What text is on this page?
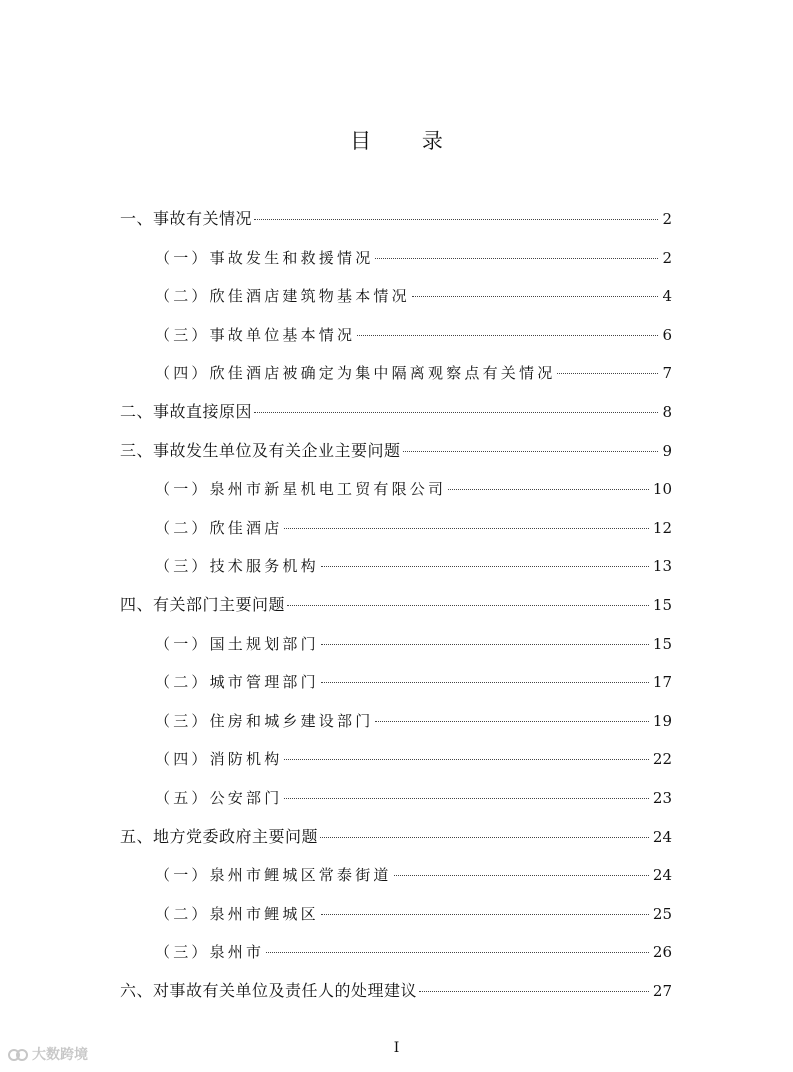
目 录
一、事故有关情况	2
（一）事故发生和救援情况	2
（二）欣佳酒店建筑物基本情况	4
（三）事故单位基本情况	6
（四）欣佳酒店被确定为集中隔离观察点有关情况	7
二、事故直接原因	8
三、事故发生单位及有关企业主要问题	9
（一）泉州市新星机电工贸有限公司	10
（二）欣佳酒店	12
（三）技术服务机构	13
四、有关部门主要问题	15
（一）国土规划部门	15
（二）城市管理部门	17
（三）住房和城乡建设部门	19
（四）消防机构	22
（五）公安部门	23
五、地方党委政府主要问题	24
（一）泉州市鲤城区常泰街道	24
（二）泉州市鲤城区	25
（三）泉州市	26
六、对事故有关单位及责任人的处理建议	27
I
大数跨境
